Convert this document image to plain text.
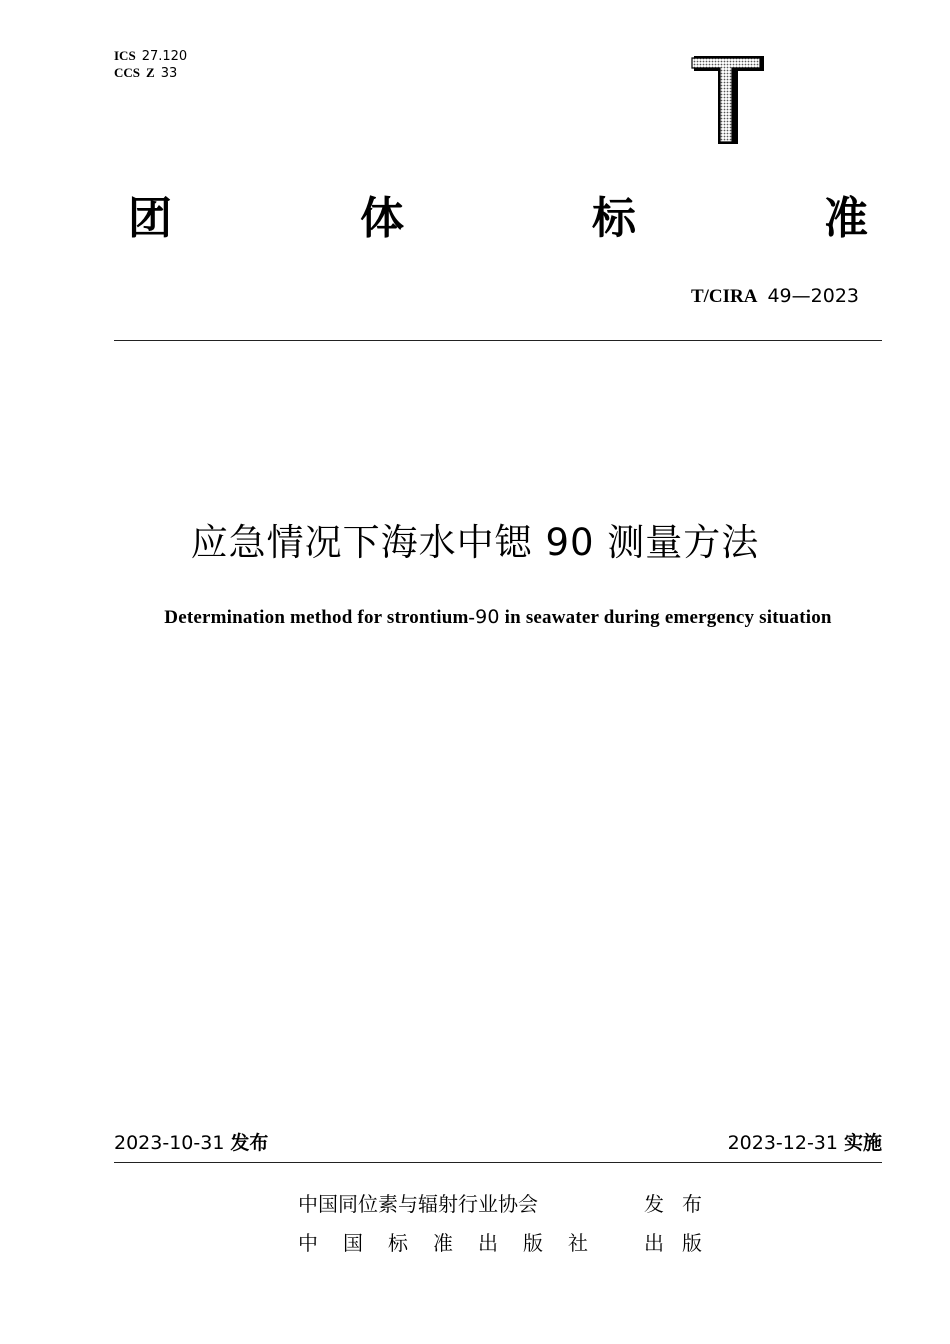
ICS 27.120
CCS Z 33
团	体	标	准
T/CIRA 49—2023
应急情况下海水中锶 90 测量方法
Determination method for strontium-90 in seawater during emergency situation
2023-10-31 发布	2023-12-31 实施
中国同位素与辐射行业协会	发布
中国标准出版社 出版
